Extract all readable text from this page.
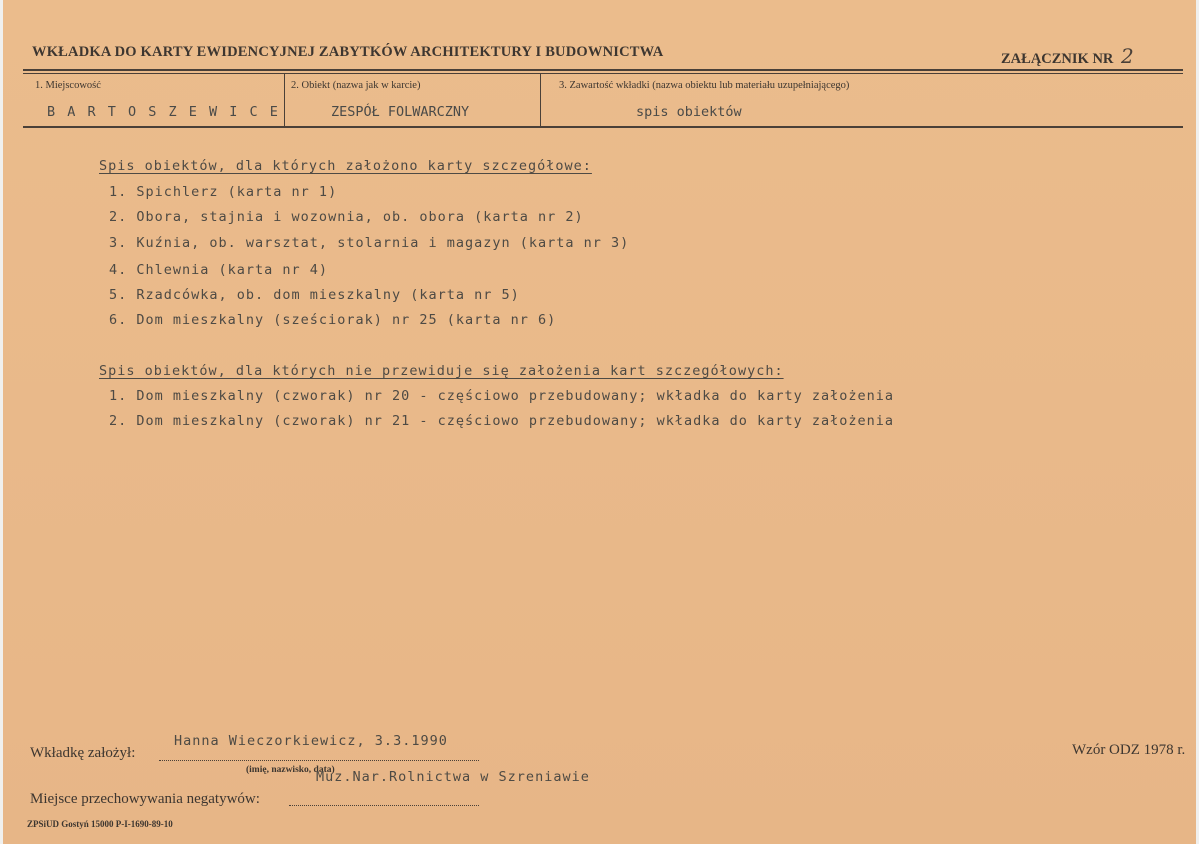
WKŁADKA DO KARTY EWIDENCYJNEJ ZABYTKÓW ARCHITEKTURY I BUDOWNICTWA	ZAŁĄCZNIK NR 2
1. Miejscowość
B A R T O S Z E W I C E
2. Obiekt (nazwa jak w karcie)
ZESPÓŁ FOLWARCZNY
3. Zawartość wkładki (nazwa obiektu lub materiału uzupełniającego)
spis obiektów
Spis obiektów, dla których założono karty szczegółowe:
1. Spichlerz (karta nr 1)
2. Obora, stajnia i wozownia, ob. obora (karta nr 2)
3. Kuźnia, ob. warsztat, stolarnia i magazyn (karta nr 3)
4. Chlewnia (karta nr 4)
5. Rzadcówka, ob. dom mieszkalny (karta nr 5)
6. Dom mieszkalny (sześciorak) nr 25 (karta nr 6)
Spis obiektów, dla których nie przewiduje się założenia kart szczegółowych:
1. Dom mieszkalny (czworak) nr 20 - częściowo przebudowany; wkładka do karty założenia
2. Dom mieszkalny (czworak) nr 21 - częściowo przebudowany; wkładka do karty założenia
Wkładkę założył:
Hanna Wieczorkiewicz, 3.3.1990
(imię, nazwisko, data)
Wzór ODZ 1978 r.
Muz.Nar.Rolnictwa w Szreniawie
Miejsce przechowywania negatywów:
ZPSiUD Gostyń 15000 P-I-1690-89-10
